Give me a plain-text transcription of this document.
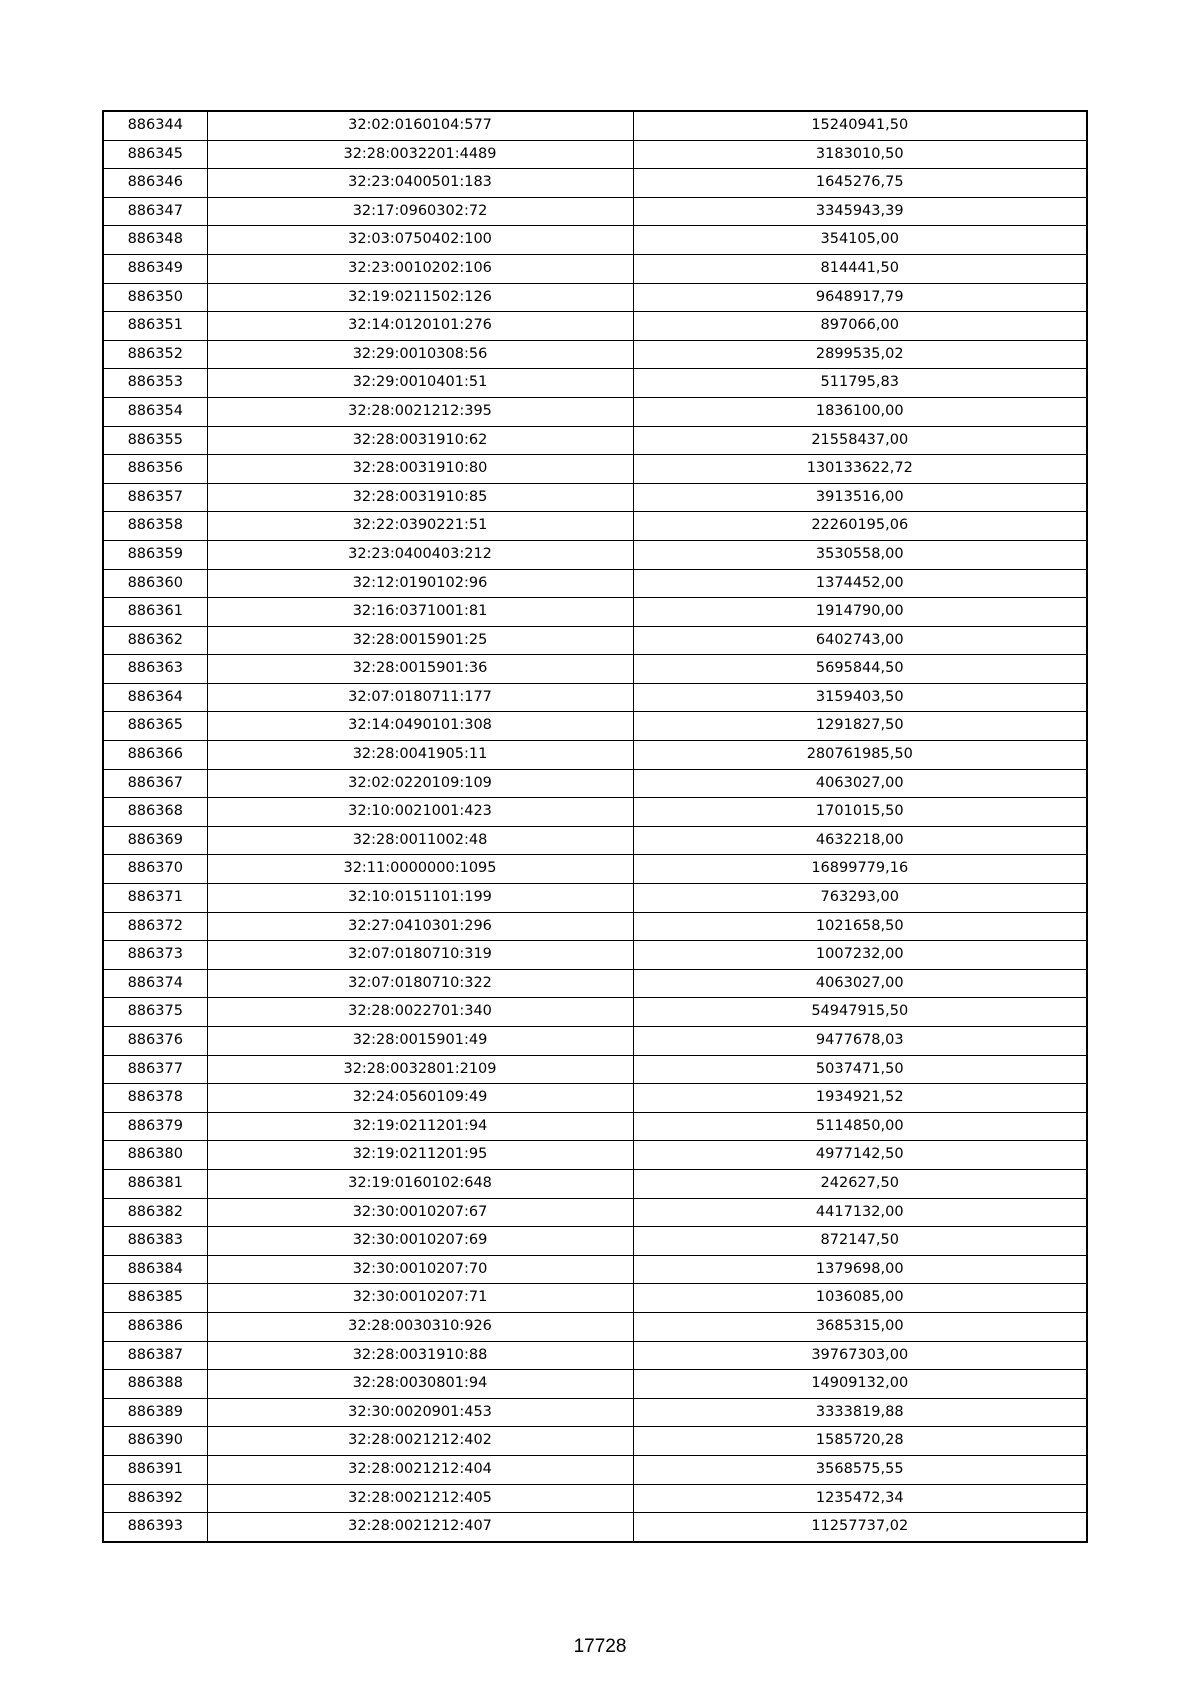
886344	32:02:0160104:577	15240941,50
886345	32:28:0032201:4489	3183010,50
886346	32:23:0400501:183	1645276,75
886347	32:17:0960302:72	3345943,39
886348	32:03:0750402:100	354105,00
886349	32:23:0010202:106	814441,50
886350	32:19:0211502:126	9648917,79
886351	32:14:0120101:276	897066,00
886352	32:29:0010308:56	2899535,02
886353	32:29:0010401:51	511795,83
886354	32:28:0021212:395	1836100,00
886355	32:28:0031910:62	21558437,00
886356	32:28:0031910:80	130133622,72
886357	32:28:0031910:85	3913516,00
886358	32:22:0390221:51	22260195,06
886359	32:23:0400403:212	3530558,00
886360	32:12:0190102:96	1374452,00
886361	32:16:0371001:81	1914790,00
886362	32:28:0015901:25	6402743,00
886363	32:28:0015901:36	5695844,50
886364	32:07:0180711:177	3159403,50
886365	32:14:0490101:308	1291827,50
886366	32:28:0041905:11	280761985,50
886367	32:02:0220109:109	4063027,00
886368	32:10:0021001:423	1701015,50
886369	32:28:0011002:48	4632218,00
886370	32:11:0000000:1095	16899779,16
886371	32:10:0151101:199	763293,00
886372	32:27:0410301:296	1021658,50
886373	32:07:0180710:319	1007232,00
886374	32:07:0180710:322	4063027,00
886375	32:28:0022701:340	54947915,50
886376	32:28:0015901:49	9477678,03
886377	32:28:0032801:2109	5037471,50
886378	32:24:0560109:49	1934921,52
886379	32:19:0211201:94	5114850,00
886380	32:19:0211201:95	4977142,50
886381	32:19:0160102:648	242627,50
886382	32:30:0010207:67	4417132,00
886383	32:30:0010207:69	872147,50
886384	32:30:0010207:70	1379698,00
886385	32:30:0010207:71	1036085,00
886386	32:28:0030310:926	3685315,00
886387	32:28:0031910:88	39767303,00
886388	32:28:0030801:94	14909132,00
886389	32:30:0020901:453	3333819,88
886390	32:28:0021212:402	1585720,28
886391	32:28:0021212:404	3568575,55
886392	32:28:0021212:405	1235472,34
886393	32:28:0021212:407	11257737,02
17728
